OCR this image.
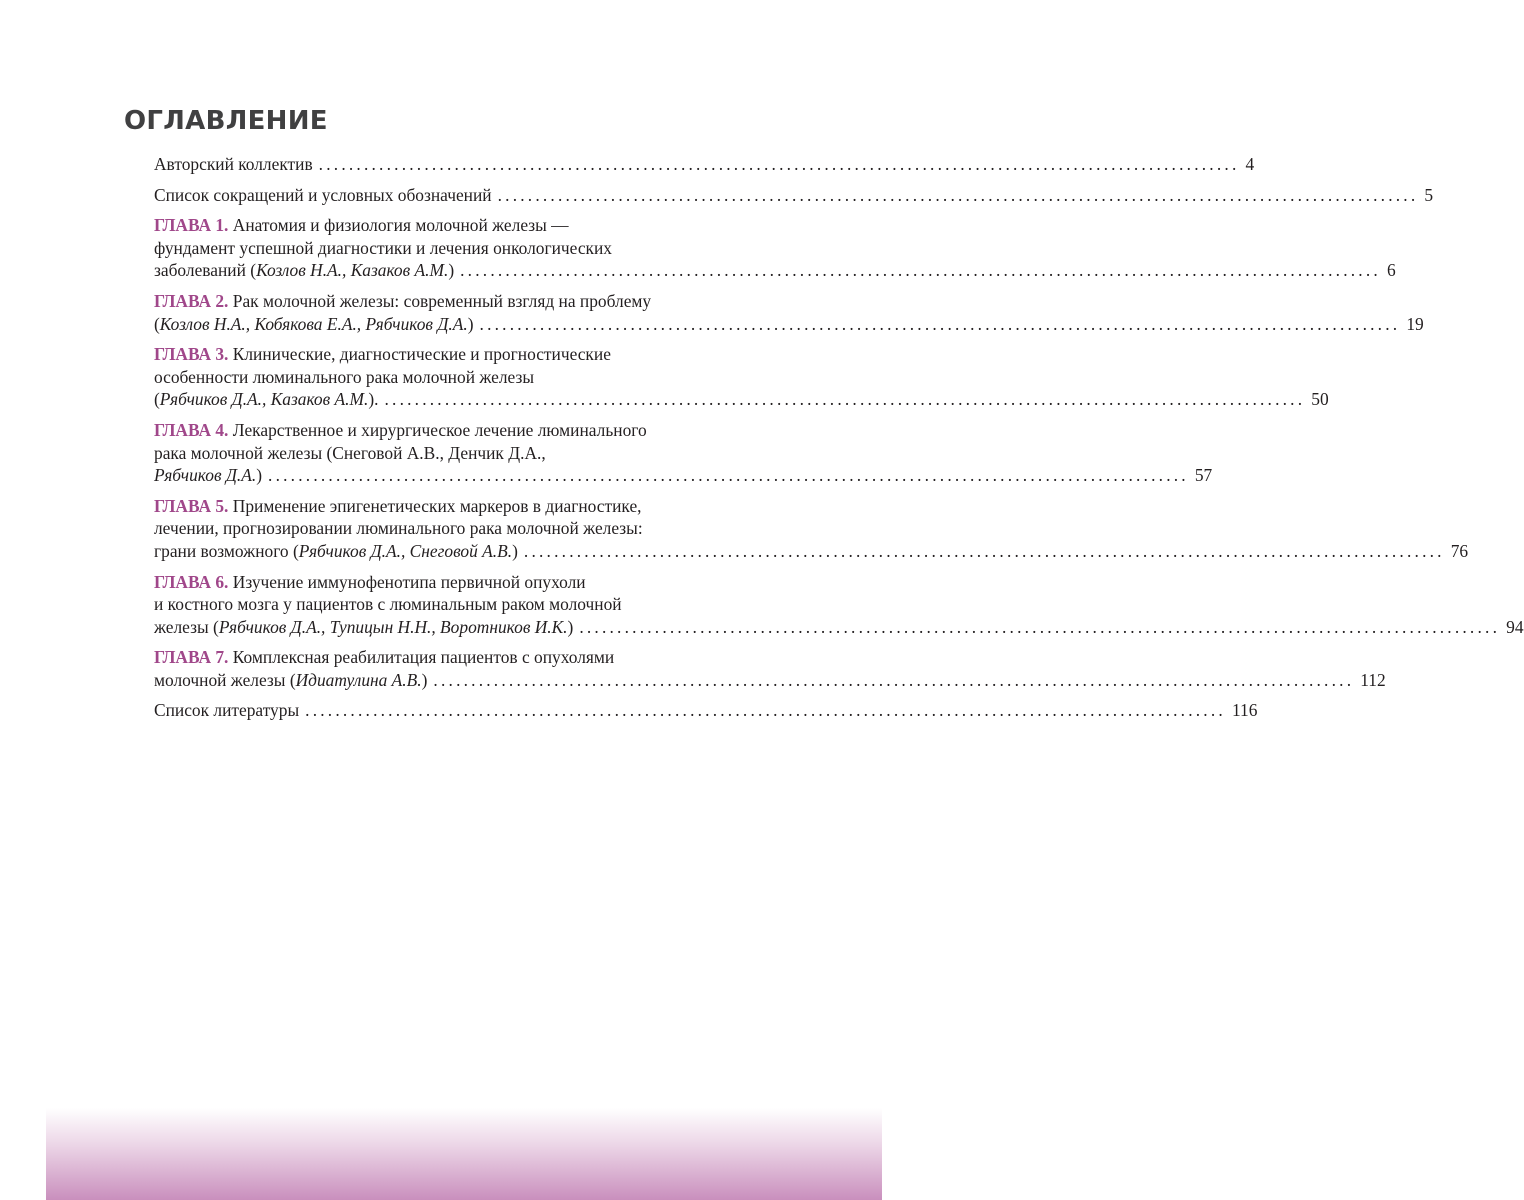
ОГЛАВЛЕНИЕ
Авторский коллектив .......................................................................................................................... 4
Список сокращений и условных обозначений .......................................................................................................................... 5
ГЛАВА 1. Анатомия и физиология молочной железы —
фундамент успешной диагностики и лечения онкологических
заболеваний (Козлов Н.А., Казаков А.М.) .......................................................................................................................... 6
ГЛАВА 2. Рак молочной железы: современный взгляд на проблему
(Козлов Н.А., Кобякова Е.А., Рябчиков Д.А.) .......................................................................................................................... 19
ГЛАВА 3. Клинические, диагностические и прогностические
особенности люминального рака молочной железы
(Рябчиков Д.А., Казаков А.М.). .......................................................................................................................... 50
ГЛАВА 4. Лекарственное и хирургическое лечение люминального
рака молочной железы (Снеговой А.В., Денчик Д.А.,
Рябчиков Д.А.) .......................................................................................................................... 57
ГЛАВА 5. Применение эпигенетических маркеров в диагностике,
лечении, прогнозировании люминального рака молочной железы:
грани возможного (Рябчиков Д.А., Снеговой А.В.) .......................................................................................................................... 76
ГЛАВА 6. Изучение иммунофенотипа первичной опухоли
и костного мозга у пациентов с люминальным раком молочной
железы (Рябчиков Д.А., Тупицын Н.Н., Воротников И.К.) .......................................................................................................................... 94
ГЛАВА 7. Комплексная реабилитация пациентов с опухолями
молочной железы (Идиатулина А.В.) .......................................................................................................................... 112
Список литературы .......................................................................................................................... 116
